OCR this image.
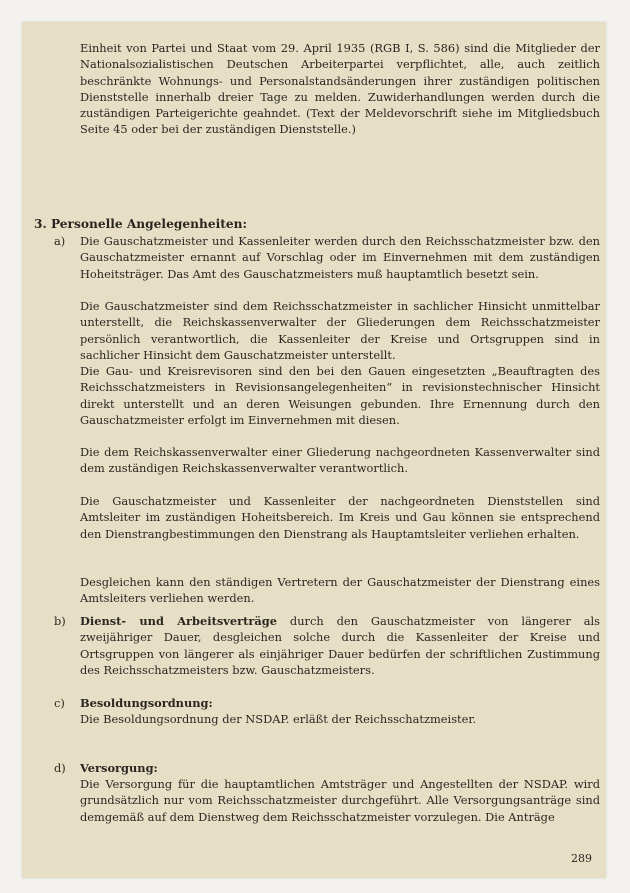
Einheit von Partei und Staat vom 29. April 1935 (RGB I, S. 586) sind die Mitglieder der Nationalsozialistischen Deutschen Arbeiterpartei verpflichtet, alle, auch zeitlich beschränkte Wohnungs- und Personalstandsänderungen ihrer zuständigen politischen Dienststelle innerhalb dreier Tage zu melden. Zuwiderhandlungen werden durch die zuständigen Parteigerichte geahndet. (Text der Meldevorschrift siehe im Mitgliedsbuch Seite 45 oder bei der zuständigen Dienststelle.)

3. Personelle Angelegenheiten:

a) Die Gauschatzmeister und Kassenleiter werden durch den Reichsschatzmeister bzw. den Gauschatzmeister ernannt auf Vorschlag oder im Einvernehmen mit dem zuständigen Hoheitsträger. Das Amt des Gauschatzmeisters muß hauptamtlich besetzt sein.

Die Gauschatzmeister sind dem Reichsschatzmeister in sachlicher Hinsicht unmittelbar unterstellt, die Reichskassenverwalter der Gliederungen dem Reichsschatzmeister persönlich verantwortlich, die Kassenleiter der Kreise und Ortsgruppen sind in sachlicher Hinsicht dem Gauschatzmeister unterstellt.

Die Gau- und Kreisrevisoren sind den bei den Gauen eingesetzten „Beauftragten des Reichsschatzmeisters in Revisionsangelegenheiten“ in revisionstechnischer Hinsicht direkt unterstellt und an deren Weisungen gebunden. Ihre Ernennung durch den Gauschatzmeister erfolgt im Einvernehmen mit diesen.

Die dem Reichskassenverwalter einer Gliederung nachgeordneten Kassenverwalter sind dem zuständigen Reichskassenverwalter verantwortlich.

Die Gauschatzmeister und Kassenleiter der nachgeordneten Dienststellen sind Amtsleiter im zuständigen Hoheitsbereich. Im Kreis und Gau können sie entsprechend den Dienstrangbestimmungen den Dienstrang als Hauptamtsleiter verliehen erhalten.

Desgleichen kann den ständigen Vertretern der Gauschatzmeister der Dienstrang eines Amtsleiters verliehen werden.

b) Dienst- und Arbeitsverträge durch den Gauschatzmeister von längerer als zweijähriger Dauer, desgleichen solche durch die Kassenleiter der Kreise und Ortsgruppen von längerer als einjähriger Dauer bedürfen der schriftlichen Zustimmung des Reichsschatzmeisters bzw. Gauschatzmeisters.

c) Besoldungsordnung:

Die Besoldungsordnung der NSDAP. erläßt der Reichsschatzmeister.

d) Versorgung:

Die Versorgung für die hauptamtlichen Amtsträger und Angestellten der NSDAP. wird grundsätzlich nur vom Reichsschatzmeister durchgeführt. Alle Versorgungsanträge sind demgemäß auf dem Dienstweg dem Reichsschatzmeister vorzulegen. Die Anträge

289
